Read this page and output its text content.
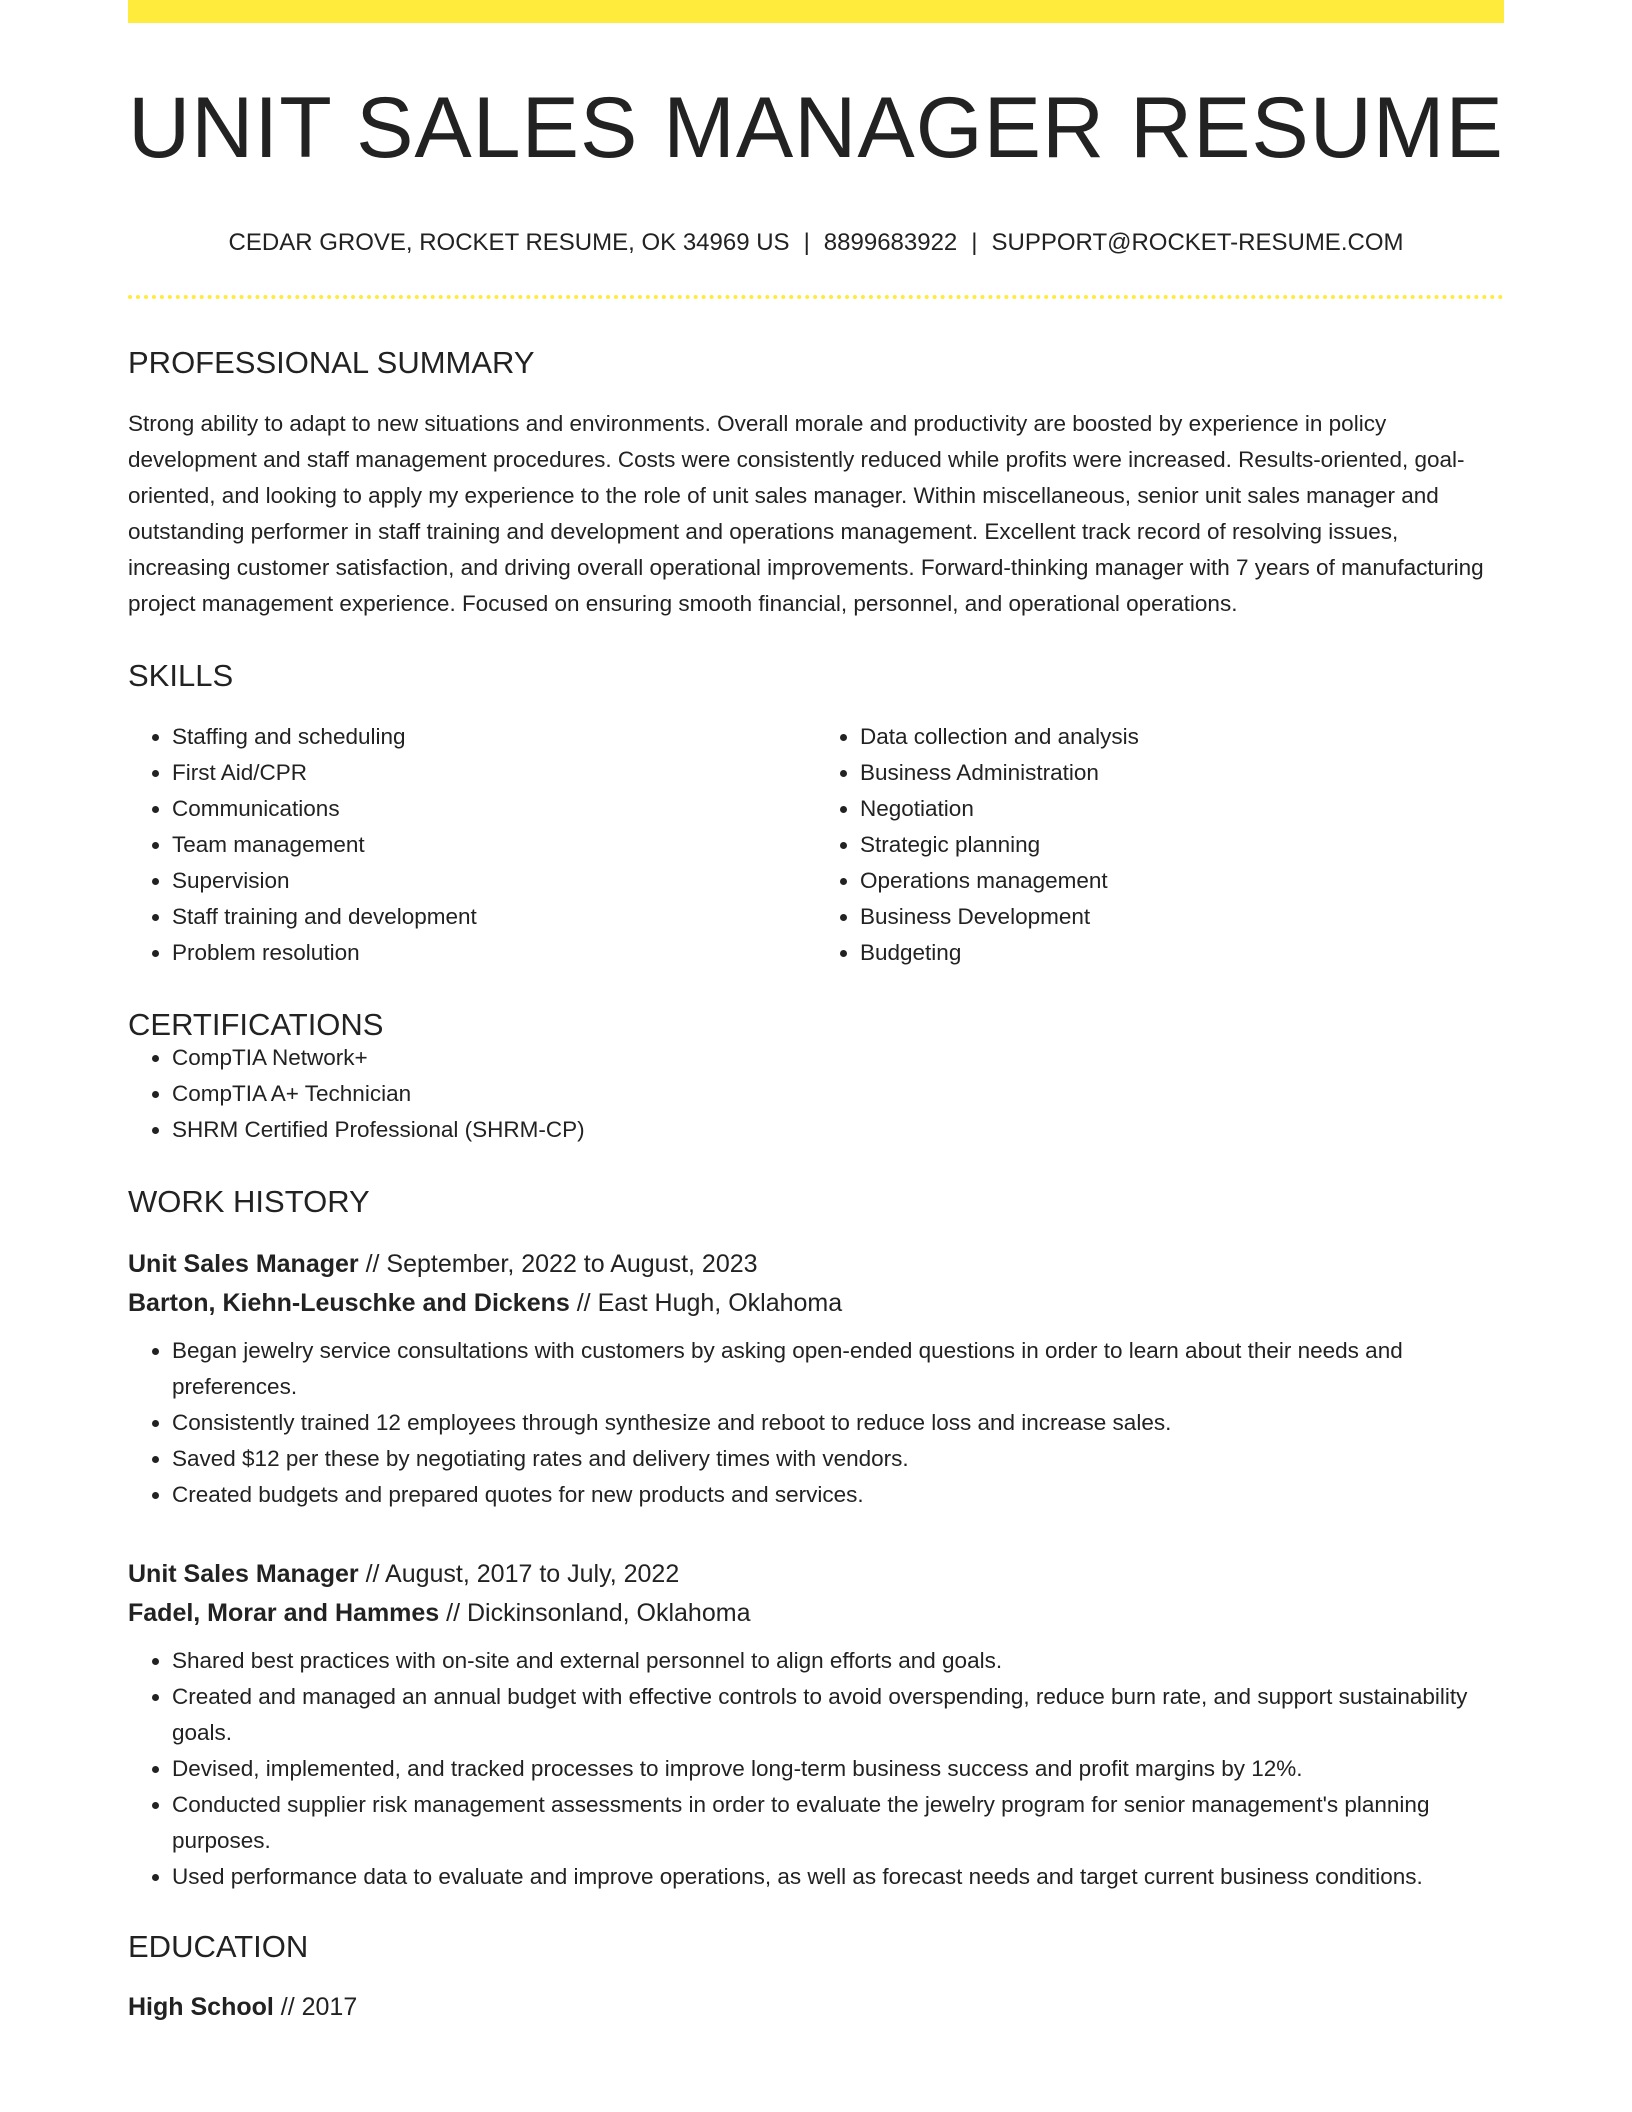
UNIT SALES MANAGER RESUME
CEDAR GROVE, ROCKET RESUME, OK 34969 US | 8899683922 | SUPPORT@ROCKET-RESUME.COM
PROFESSIONAL SUMMARY

Strong ability to adapt to new situations and environments. Overall morale and productivity are boosted by experience in policy development and staff management procedures. Costs were consistently reduced while profits were increased. Results-oriented, goal-oriented, and looking to apply my experience to the role of unit sales manager. Within miscellaneous, senior unit sales manager and outstanding performer in staff training and development and operations management. Excellent track record of resolving issues, increasing customer satisfaction, and driving overall operational improvements. Forward-thinking manager with 7 years of manufacturing project management experience. Focused on ensuring smooth financial, personnel, and operational operations.

SKILLS
• Staffing and scheduling
• First Aid/CPR
• Communications
• Team management
• Supervision
• Staff training and development
• Problem resolution
• Data collection and analysis
• Business Administration
• Negotiation
• Strategic planning
• Operations management
• Business Development
• Budgeting
CERTIFICATIONS
• CompTIA Network+
• CompTIA A+ Technician
• SHRM Certified Professional (SHRM-CP)
WORK HISTORY
Unit Sales Manager // September, 2022 to August, 2023
Barton, Kiehn-Leuschke and Dickens // East Hugh, Oklahoma
• Began jewelry service consultations with customers by asking open-ended questions in order to learn about their needs and preferences.
• Consistently trained 12 employees through synthesize and reboot to reduce loss and increase sales.
• Saved $12 per these by negotiating rates and delivery times with vendors.
• Created budgets and prepared quotes for new products and services.
Unit Sales Manager // August, 2017 to July, 2022
Fadel, Morar and Hammes // Dickinsonland, Oklahoma
• Shared best practices with on-site and external personnel to align efforts and goals.
• Created and managed an annual budget with effective controls to avoid overspending, reduce burn rate, and support sustainability goals.
• Devised, implemented, and tracked processes to improve long-term business success and profit margins by 12%.
• Conducted supplier risk management assessments in order to evaluate the jewelry program for senior management's planning purposes.
• Used performance data to evaluate and improve operations, as well as forecast needs and target current business conditions.
EDUCATION
High School // 2017
